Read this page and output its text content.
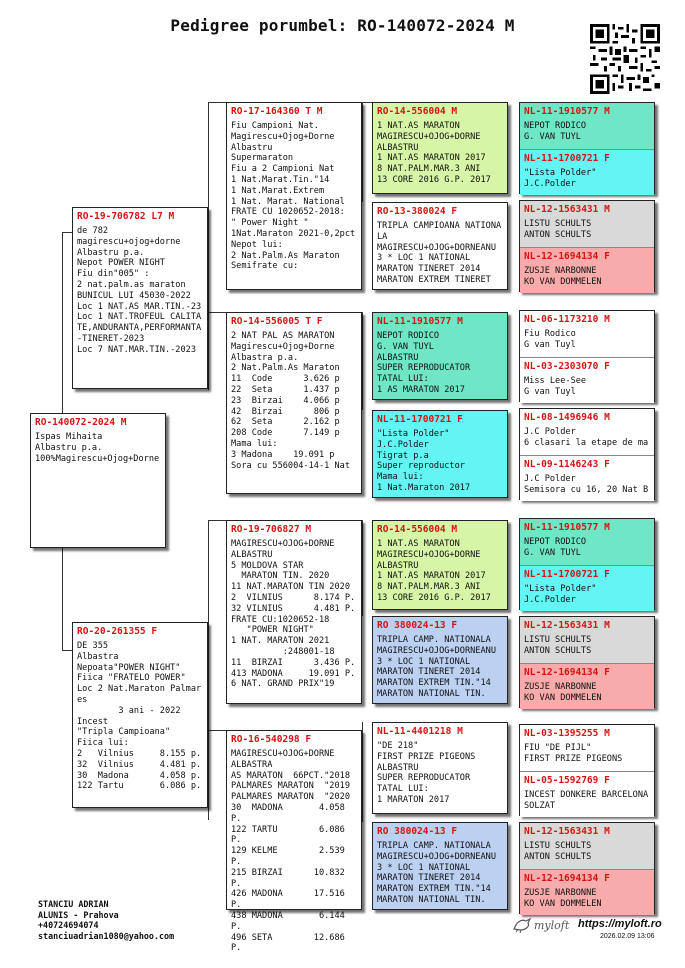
Pedigree porumbel: RO-140072-2024 M
RO-140072-2024 M
Ispas Mihaita
Albastru p.a.
100%Magirescu+Ojog+Dorne
RO-19-706782 L7 M
de 782
magirescu+ojog+dorne
Albastru p.a.
Nepot POWER NIGHT
Fiu din"005" :
2 nat.palm.as maraton
BUNICUL LUI 45030-2022
Loc 1 NAT.AS MAR.TIN.-23
Loc 1 NAT.TROFEUL CALITA
TE,ANDURANTA,PERFORMANTA
-TINERET-2023
Loc 7 NAT.MAR.TIN.-2023
RO-20-261355 F
DE 355
Albastra
Nepoata"POWER NIGHT"
Fiica "FRATELO POWER"
Loc 2 Nat.Maraton Palmar
es
3 ani - 2022
Incest
"Tripla Campioana"
Fiica lui:
2   Vilnius     8.155 p.
32  Vilnius     4.481 p.
30  Madona      4.058 p.
122 Tartu       6.086 p.
RO-17-164360 T M
Fiu Campioni Nat.
Magirescu+Ojog+Dorne
Albastru
Supermaraton
Fiu a 2 Campioni Nat
1 Nat.Marat.Tin."14
1 Nat.Marat.Extrem
1 Nat. Marat. National
FRATE CU 1020652-2018:
" Power Night "
1Nat.Maraton 2021-0,2pct
Nepot lui:
2 Nat.Palm.As Maraton
Semifrate cu:
RO-14-556005 T F
2 NAT PAL AS MARATON
Magirescu+Ojog+Dorne
Albastra p.a.
2 Nat.Palm.As Maraton
11  Code      3.626 p
22  Seta      1.437 p
23  Birzai    4.066 p
42  Birzai      806 p
62  Seta      2.162 p
208 Code      7.149 p
Mama lui:
3 Madona    19.091 p
Sora cu 556004-14-1 Nat
RO-19-706827 M
MAGIRESCU+OJOG+DORNE
ALBASTRU
5 MOLDOVA STAR
MARATON TIN. 2020
11 NAT.MARATON TIN 2020
2  VILNIUS      8.174 P.
32 VILNIUS      4.481 P.
FRATE CU:1020652-18
"POWER NIGHT"
1 NAT. MARATON 2021
:248001-18
11  BIRZAI      3.436 P.
413 MADONA     19.091 P.
6 NAT. GRAND PRIX"19
RO-16-540298 F
MAGIRESCU+OJOG+DORNE
ALBASTRA
AS MARATON  66PCT."2018
PALMARES MARATON  "2019
PALMARES MARATON  "2020
30  MADONA       4.058 P.
122 TARTU        6.086 P.
129 KELME        2.539 P.
215 BIRZAI      10.832 P.
426 MADONA      17.516 P.
438 MADONA       6.144 P.
496 SETA        12.686 P.
RO-14-556004 M
1 NAT.AS MARATON
MAGIRESCU+OJOG+DORNE
ALBASTRU
1 NAT.AS MARATON 2017
8 NAT.PALM.MAR.3 ANI
13 CORE 2016 G.P. 2017
RO-13-380024 F
TRIPLA CAMPIOANA NATIONA
LA
MAGIRESCU+OJOG+DORNEANU
3 * LOC 1 NATIONAL
MARATON TINERET 2014
MARATON EXTREM TINERET
NL-11-1910577 M
NEPOT RODICO
G. VAN TUYL
ALBASTRU
SUPER REPRODUCATOR
TATAL LUI:
1 AS MARATON 2017
NL-11-1700721 F
"Lista Polder"
J.C.Polder
Tigrat p.a
Super reproductor
Mama lui:
1 Nat.Maraton 2017
RO-14-556004 M
1 NAT.AS MARATON
MAGIRESCU+OJOG+DORNE
ALBASTRU
1 NAT.AS MARATON 2017
8 NAT.PALM.MAR.3 ANI
13 CORE 2016 G.P. 2017
RO 380024-13 F
TRIPLA CAMP. NATIONALA
MAGIRESCU+OJOG+DORNEANU
3 * LOC 1 NATIONAL
MARATON TINERET 2014
MARATON EXTREM TIN."14
MARATON NATIONAL TIN.
NL-11-4401218 M
"DE 218"
FIRST PRIZE PIGEONS
ALBASTRU
SUPER REPRODUCATOR
TATAL LUI:
1 MARATON 2017
RO 380024-13 F
TRIPLA CAMP. NATIONALA
MAGIRESCU+OJOG+DORNEANU
3 * LOC 1 NATIONAL
MARATON TINERET 2014
MARATON EXTREM TIN."14
MARATON NATIONAL TIN.
NL-11-1910577 M
NEPOT RODICO
G. VAN TUYL
NL-11-1700721 F
"Lista Polder"
J.C.Polder
NL-12-1563431 M
LISTU SCHULTS
ANTON SCHULTS
NL-12-1694134 F
ZUSJE NARBONNE
KO VAN DOMMELEN
NL-06-1173210 M
Fiu Rodico
G van Tuyl
NL-03-2303070 F
Miss Lee-See
G van Tuyl
NL-08-1496946 M
J.C Polder
6 clasari la etape de ma
NL-09-1146243 F
J.C Polder
Semisora cu 16, 20 Nat B
NL-11-1910577 M
NEPOT RODICO
G. VAN TUYL
NL-11-1700721 F
"Lista Polder"
J.C.Polder
NL-12-1563431 M
LISTU SCHULTS
ANTON SCHULTS
NL-12-1694134 F
ZUSJE NARBONNE
KO VAN DOMMELEN
NL-03-1395255 M
FIU "DE PIJL"
FIRST PRIZE PIGEONS
NL-05-1592769 F
INCEST DONKERE BARCELONA
SOLZAT
NL-12-1563431 M
LISTU SCHULTS
ANTON SCHULTS
NL-12-1694134 F
ZUSJE NARBONNE
KO VAN DOMMELEN
STANCIU ADRIAN
ALUNIS - Prahova
+40724694074
stanciuadrian1080@yahoo.com
myloft https://myloft.ro
2026.02.09 13:06
